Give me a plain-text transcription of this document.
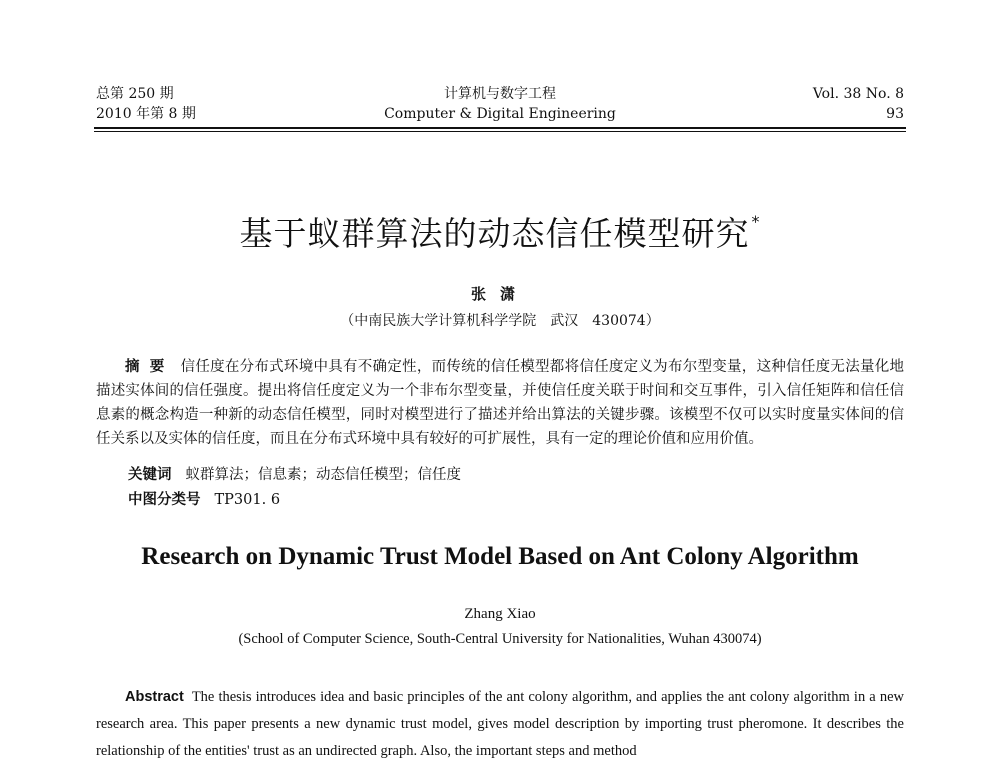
总第 250 期
2010 年第 8 期
计算机与数字工程
Computer & Digital Engineering
Vol. 38 No. 8
93
基于蚁群算法的动态信任模型研究 *
张潇
（中南民族大学计算机科学学院　武汉　430074）
摘要 信任度在分布式环境中具有不确定性，而传统的信任模型都将信任度定义为布尔型变量，这种信任度无法量化地描述实体间的信任强度。提出将信任度定义为一个非布尔型变量，并使信任度关联于时间和交互事件，引入信任矩阵和信任信息素的概念构造一种新的动态信任模型，同时对模型进行了描述并给出算法的关键步骤。该模型不仅可以实时度量实体间的信任关系以及实体的信任度，而且在分布式环境中具有较好的可扩展性，具有一定的理论价值和应用价值。
关键词 蚁群算法；信息素；动态信任模型；信任度
中图分类号 TP301. 6
Research on Dynamic Trust Model Based on Ant Colony Algorithm
Zhang Xiao
(School of Computer Science, South-Central University for Nationalities, Wuhan 430074)
Abstract The thesis introduces idea and basic principles of the ant colony algorithm, and applies the ant colony algorithm in a new research area. This paper presents a new dynamic trust model, gives model description by importing trust pheromone. It describes the relationship of the entities' trust as an undirected graph. Also, the important steps and method
